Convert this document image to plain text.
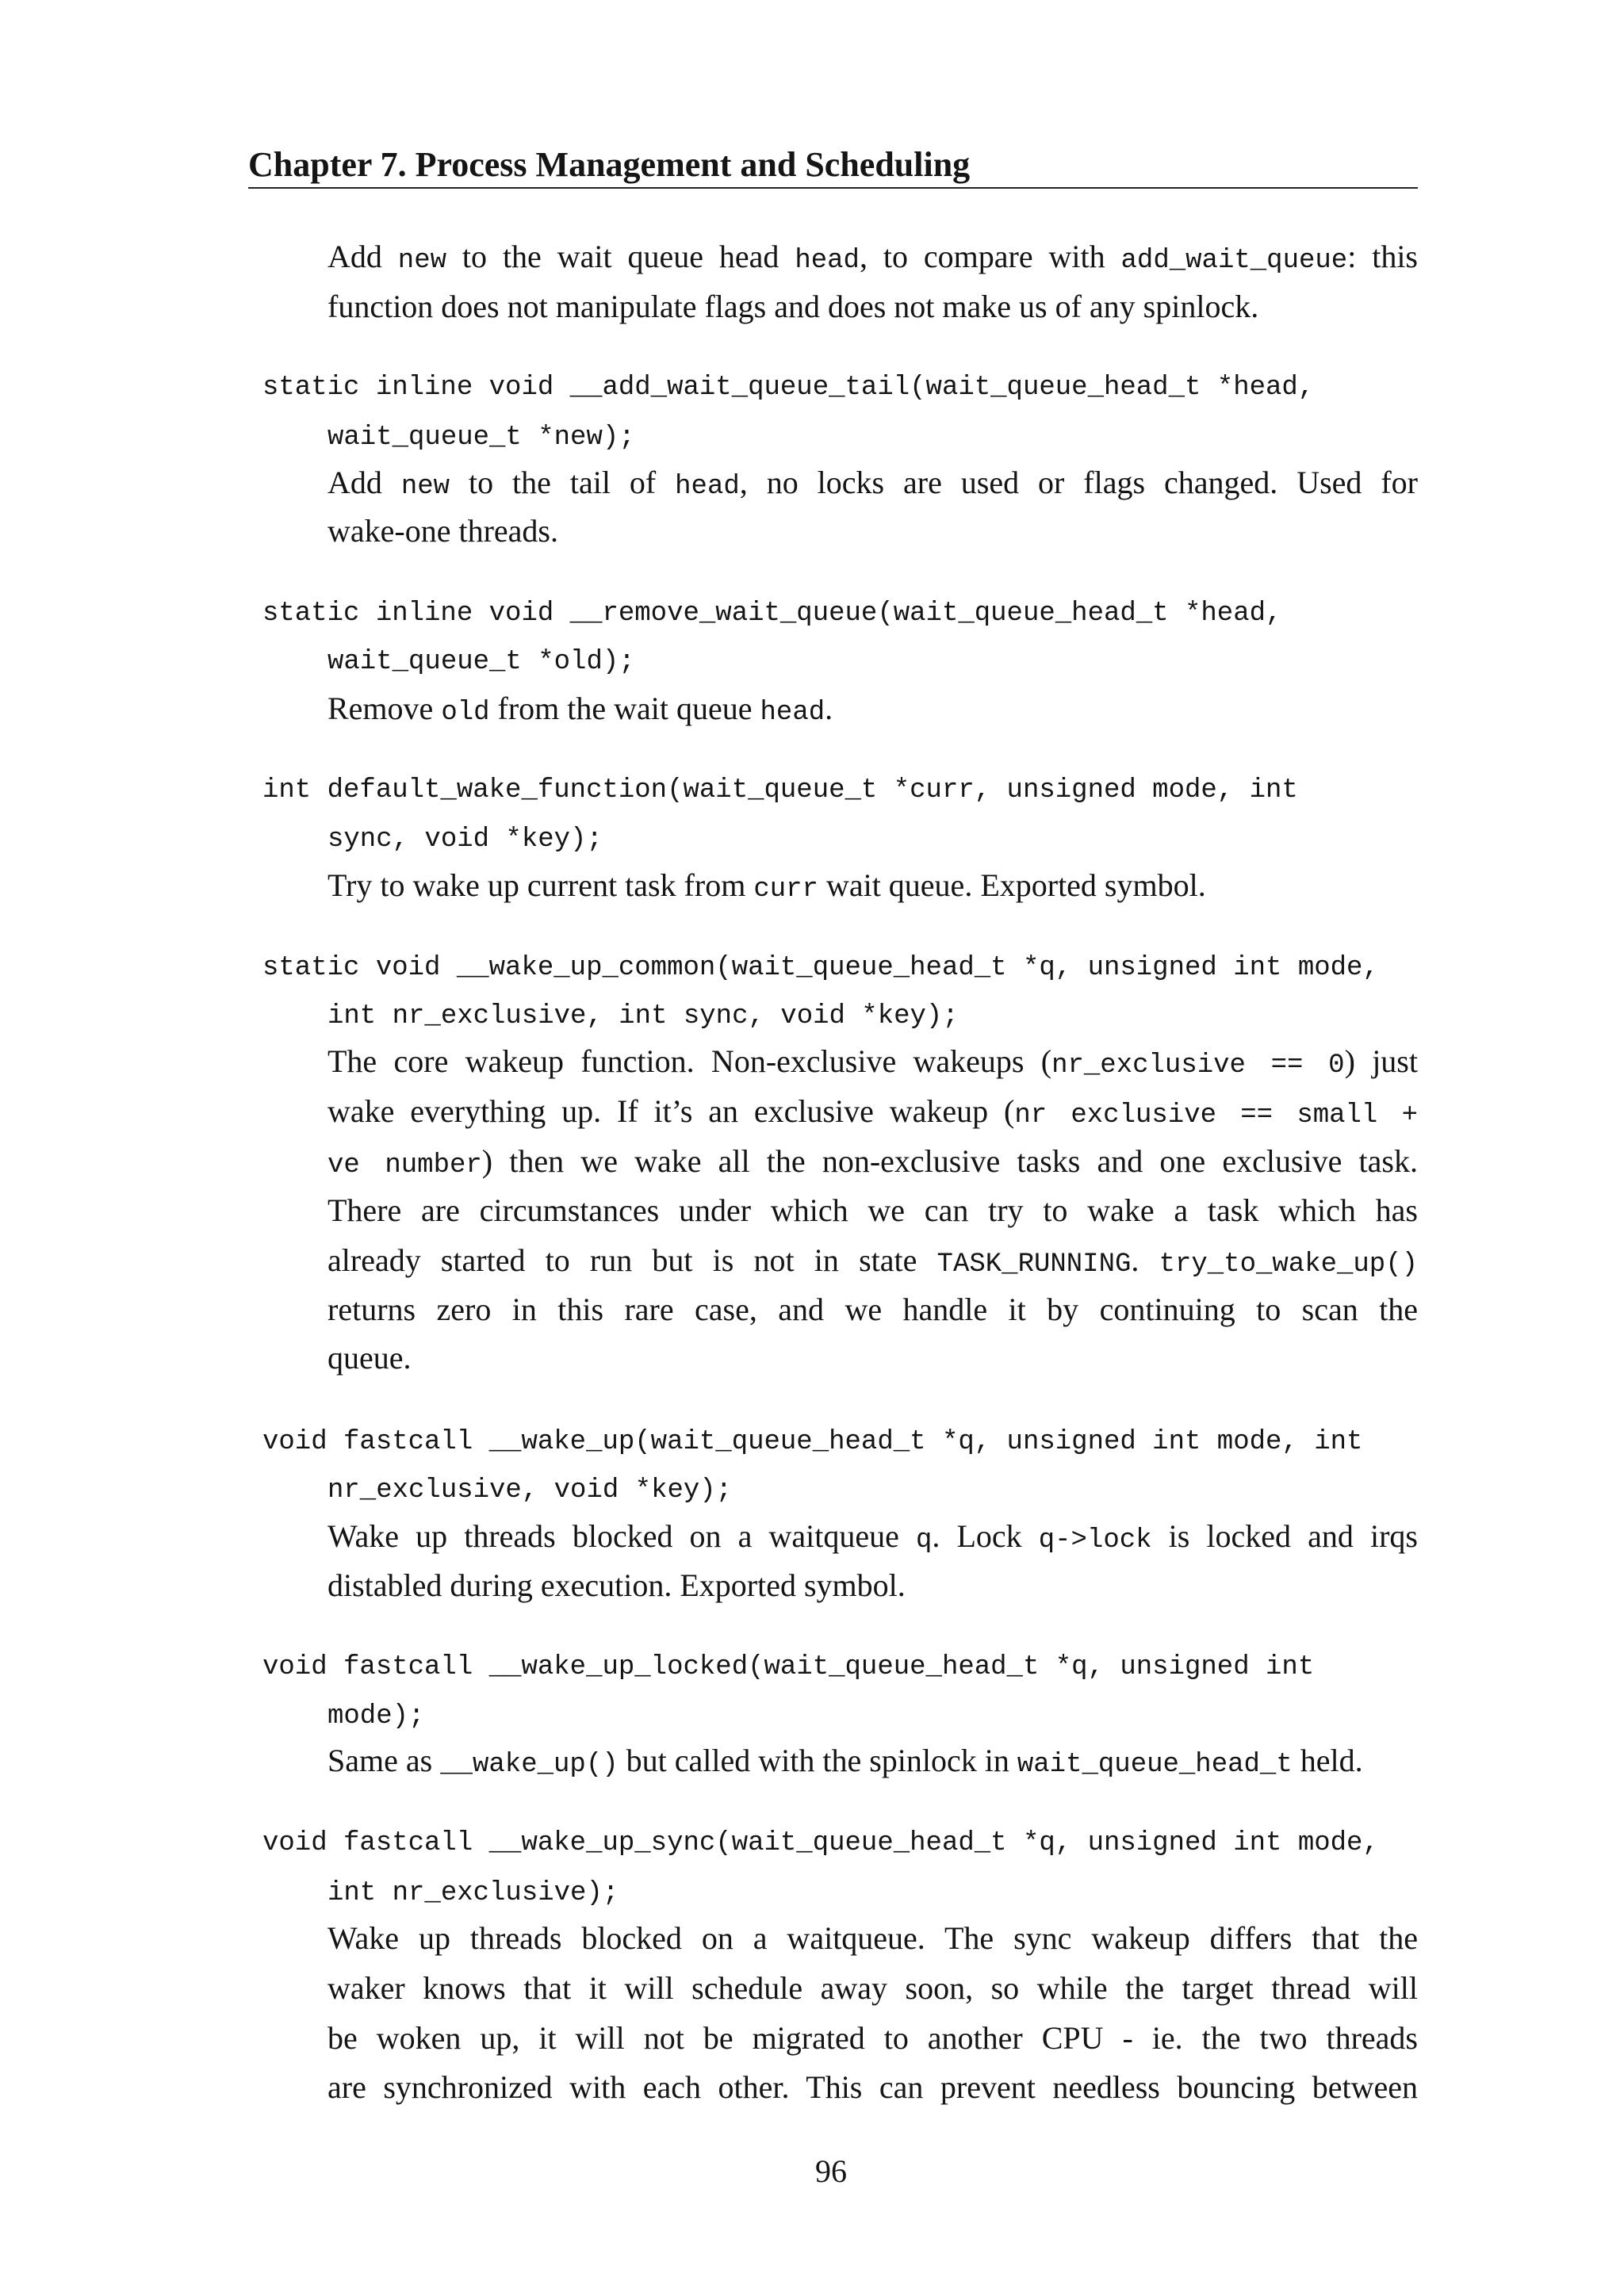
Chapter 7. Process Management and Scheduling
Add new to the wait queue head head, to compare with add_wait_queue: this
function does not manipulate flags and does not make us of any spinlock.
static inline void __add_wait_queue_tail(wait_queue_head_t *head,
wait_queue_t *new);
Add new to the tail of head, no locks are used or flags changed. Used for
wake-one threads.
static inline void __remove_wait_queue(wait_queue_head_t *head,
wait_queue_t *old);
Remove old from the wait queue head.
int default_wake_function(wait_queue_t *curr, unsigned mode, int
sync, void *key);
Try to wake up current task from curr wait queue. Exported symbol.
static void __wake_up_common(wait_queue_head_t *q, unsigned int mode,
int nr_exclusive, int sync, void *key);
The core wakeup function. Non-exclusive wakeups (nr_exclusive == 0) just
wake everything up. If it’s an exclusive wakeup (nr exclusive == small +
ve number) then we wake all the non-exclusive tasks and one exclusive task.
There are circumstances under which we can try to wake a task which has
already started to run but is not in state TASK_RUNNING. try_to_wake_up()
returns zero in this rare case, and we handle it by continuing to scan the
queue.
void fastcall __wake_up(wait_queue_head_t *q, unsigned int mode, int
nr_exclusive, void *key);
Wake up threads blocked on a waitqueue q. Lock q->lock is locked and irqs
distabled during execution. Exported symbol.
void fastcall __wake_up_locked(wait_queue_head_t *q, unsigned int
mode);
Same as __wake_up() but called with the spinlock in wait_queue_head_t held.
void fastcall __wake_up_sync(wait_queue_head_t *q, unsigned int mode,
int nr_exclusive);
Wake up threads blocked on a waitqueue. The sync wakeup differs that the
waker knows that it will schedule away soon, so while the target thread will
be woken up, it will not be migrated to another CPU - ie. the two threads
are synchronized with each other. This can prevent needless bouncing between
96
